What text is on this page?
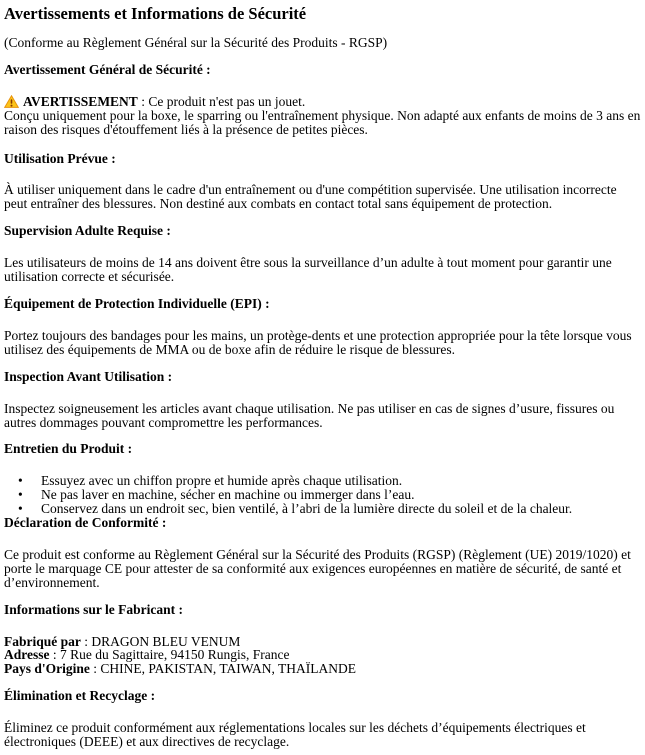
Avertissements et Informations de Sécurité

(Conforme au Règlement Général sur la Sécurité des Produits - RGSP)

Avertissement Général de Sécurité :

AVERTISSEMENT : Ce produit n'est pas un jouet.
Conçu uniquement pour la boxe, le sparring ou l'entraînement physique. Non adapté aux enfants de moins de 3 ans en raison des risques d'étouffement liés à la présence de petites pièces.

Utilisation Prévue :

À utiliser uniquement dans le cadre d'un entraînement ou d'une compétition supervisée. Une utilisation incorrecte peut entraîner des blessures. Non destiné aux combats en contact total sans équipement de protection.

Supervision Adulte Requise :

Les utilisateurs de moins de 14 ans doivent être sous la surveillance d’un adulte à tout moment pour garantir une utilisation correcte et sécurisée.

Équipement de Protection Individuelle (EPI) :

Portez toujours des bandages pour les mains, un protège-dents et une protection appropriée pour la tête lorsque vous utilisez des équipements de MMA ou de boxe afin de réduire le risque de blessures.

Inspection Avant Utilisation :

Inspectez soigneusement les articles avant chaque utilisation. Ne pas utiliser en cas de signes d’usure, fissures ou autres dommages pouvant compromettre les performances.

Entretien du Produit :

• Essuyez avec un chiffon propre et humide après chaque utilisation.
• Ne pas laver en machine, sécher en machine ou immerger dans l’eau.
• Conservez dans un endroit sec, bien ventilé, à l’abri de la lumière directe du soleil et de la chaleur.

Déclaration de Conformité :

Ce produit est conforme au Règlement Général sur la Sécurité des Produits (RGSP) (Règlement (UE) 2019/1020) et porte le marquage CE pour attester de sa conformité aux exigences européennes en matière de sécurité, de santé et d’environnement.

Informations sur le Fabricant :

Fabriqué par : DRAGON BLEU VENUM
Adresse : 7 Rue du Sagittaire, 94150 Rungis, France
Pays d'Origine : CHINE, PAKISTAN, TAIWAN, THAÏLANDE

Élimination et Recyclage :

Éliminez ce produit conformément aux réglementations locales sur les déchets d’équipements électriques et électroniques (DEEE) et aux directives de recyclage.
